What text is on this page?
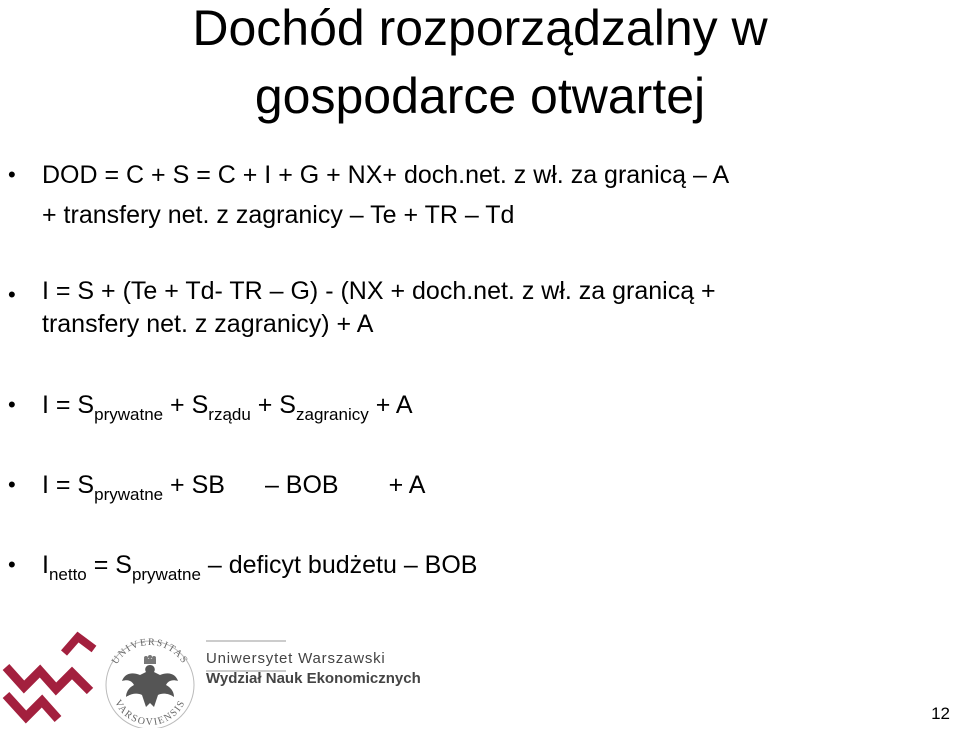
Dochód rozporządzalny w
gospodarce otwartej
• DOD = C + S = C + I + G + NX+ doch.net. z wł. za granicą – A
+ transfery net. z zagranicy – Te + TR – Td
• I = S + (Te + Td- TR – G) - (NX + doch.net. z wł. za granicą +
transfery net. z zagranicy) + A
• $I = S_{prywatne} + S_{rządu} + S_{zagranicy} + A$
• $I = S_{prywatne}$ + SB – BOB + A
• $I_{netto} = S_{prywatne}$ – deficyt budżetu – BOB
UNIVERSITAS
VARSOVIENSIS
Uniwersytet Warszawski
Wydział Nauk Ekonomicznych
12
